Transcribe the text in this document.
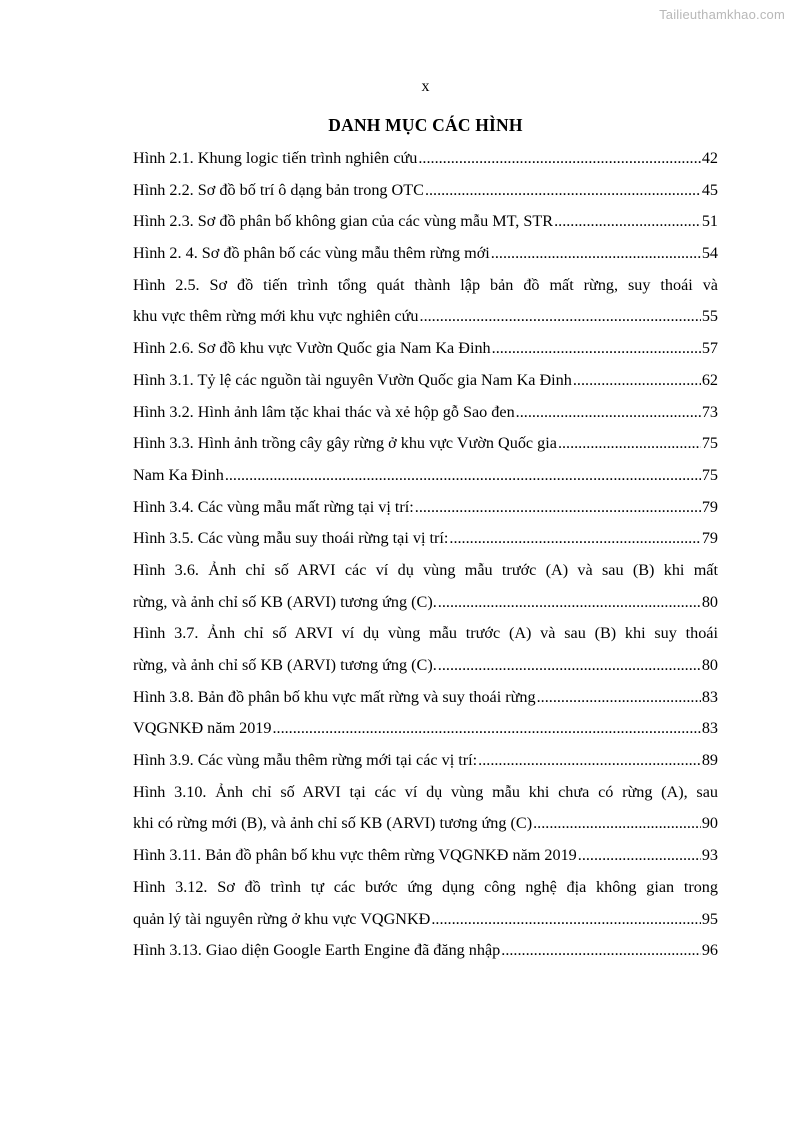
Tailieuthamkhao.com
x
DANH MỤC CÁC HÌNH
Hình 2.1. Khung logic tiến trình nghiên cứu .....	42
Hình 2.2. Sơ đồ bố trí ô dạng bản trong OTC .....	45
Hình 2.3. Sơ đồ phân bố không gian của các vùng mẫu MT, STR .....	51
Hình 2. 4. Sơ đồ phân bố các vùng mẫu thêm rừng mới .....	54
Hình 2.5. Sơ đồ tiến trình tổng quát thành lập bản đồ mất rừng, suy thoái và
khu vực thêm rừng mới khu vực nghiên cứu .....	55
Hình 2.6. Sơ đồ khu vực Vườn Quốc gia Nam Ka Đinh .....	57
Hình 3.1. Tỷ lệ các nguồn tài nguyên Vườn Quốc gia Nam Ka Đinh .....	62
Hình 3.2. Hình ảnh lâm tặc khai thác và xẻ hộp gỗ Sao đen .....	73
Hình 3.3. Hình ảnh trồng cây gây rừng ở khu vực Vườn Quốc gia .....	75
Nam Ka Đinh .....	75
Hình 3.4. Các vùng mẫu mất rừng tại vị trí: .....	79
Hình 3.5. Các vùng mẫu suy thoái rừng tại vị trí: .....	79
Hình 3.6. Ảnh chỉ số ARVI các ví dụ vùng mẫu trước (A) và sau (B) khi mất
rừng, và ảnh chỉ số KB (ARVI) tương ứng (C). .....	80
Hình 3.7. Ảnh chỉ số ARVI ví dụ vùng mẫu trước (A) và sau (B) khi suy thoái
rừng, và ảnh chỉ số KB (ARVI) tương ứng (C). .....	80
Hình 3.8. Bản đồ phân bố khu vực mất rừng và suy thoái rừng .....	83
VQGNKĐ năm 2019 .....	83
Hình 3.9. Các vùng mẫu thêm rừng mới tại các vị trí: .....	89
Hình 3.10. Ảnh chỉ số ARVI tại các ví dụ vùng mẫu khi chưa có rừng (A), sau
khi có rừng mới (B), và ảnh chỉ số KB (ARVI) tương ứng (C) .....	90
Hình 3.11. Bản đồ phân bố khu vực thêm rừng VQGNKĐ năm 2019 .....	93
Hình 3.12. Sơ đồ trình tự các bước ứng dụng công nghệ địa không gian trong
quản lý tài nguyên rừng ở khu vực VQGNKĐ .....	95
Hình 3.13. Giao diện Google Earth Engine đã đăng nhập .....	96
